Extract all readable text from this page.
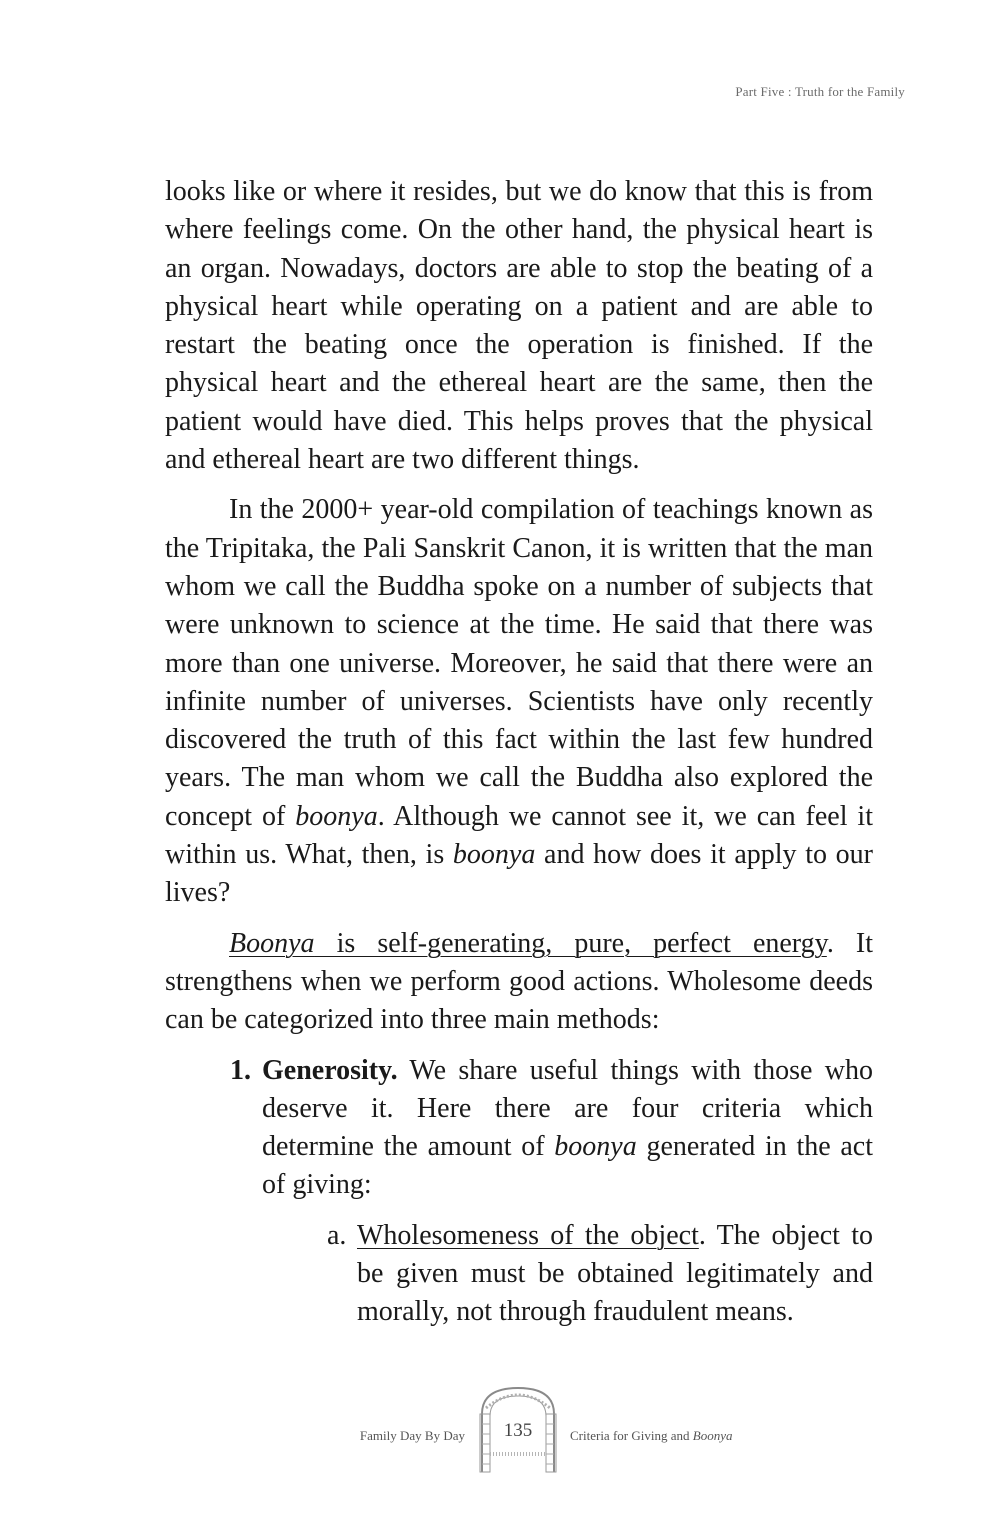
Part Five : Truth for the Family

looks like or where it resides, but we do know that this is from where feelings come. On the other hand, the physical heart is an organ. Nowadays, doctors are able to stop the beating of a physical heart while operating on a patient and are able to restart the beating once the operation is finished. If the physical heart and the ethereal heart are the same, then the patient would have died. This helps proves that the physical and ethereal heart are two different things.

In the 2000+ year-old compilation of teachings known as the Tripitaka, the Pali Sanskrit Canon, it is written that the man whom we call the Buddha spoke on a number of subjects that were unknown to science at the time. He said that there was more than one universe. Moreover, he said that there were an infinite number of universes. Scientists have only recently discovered the truth of this fact within the last few hundred years. The man whom we call the Buddha also explored the concept of boonya. Although we cannot see it, we can feel it within us. What, then, is boonya and how does it apply to our lives?

Boonya is self-generating, pure, perfect energy. It strengthens when we perform good actions. Wholesome deeds can be categorized into three main methods:

1. Generosity. We share useful things with those who deserve it. Here there are four criteria which determine the amount of boonya generated in the act of giving:

a. Wholesomeness of the object. The object to be given must be obtained legitimately and morally, not through fraudulent means.

Family Day By Day	135	Criteria for Giving and Boonya
